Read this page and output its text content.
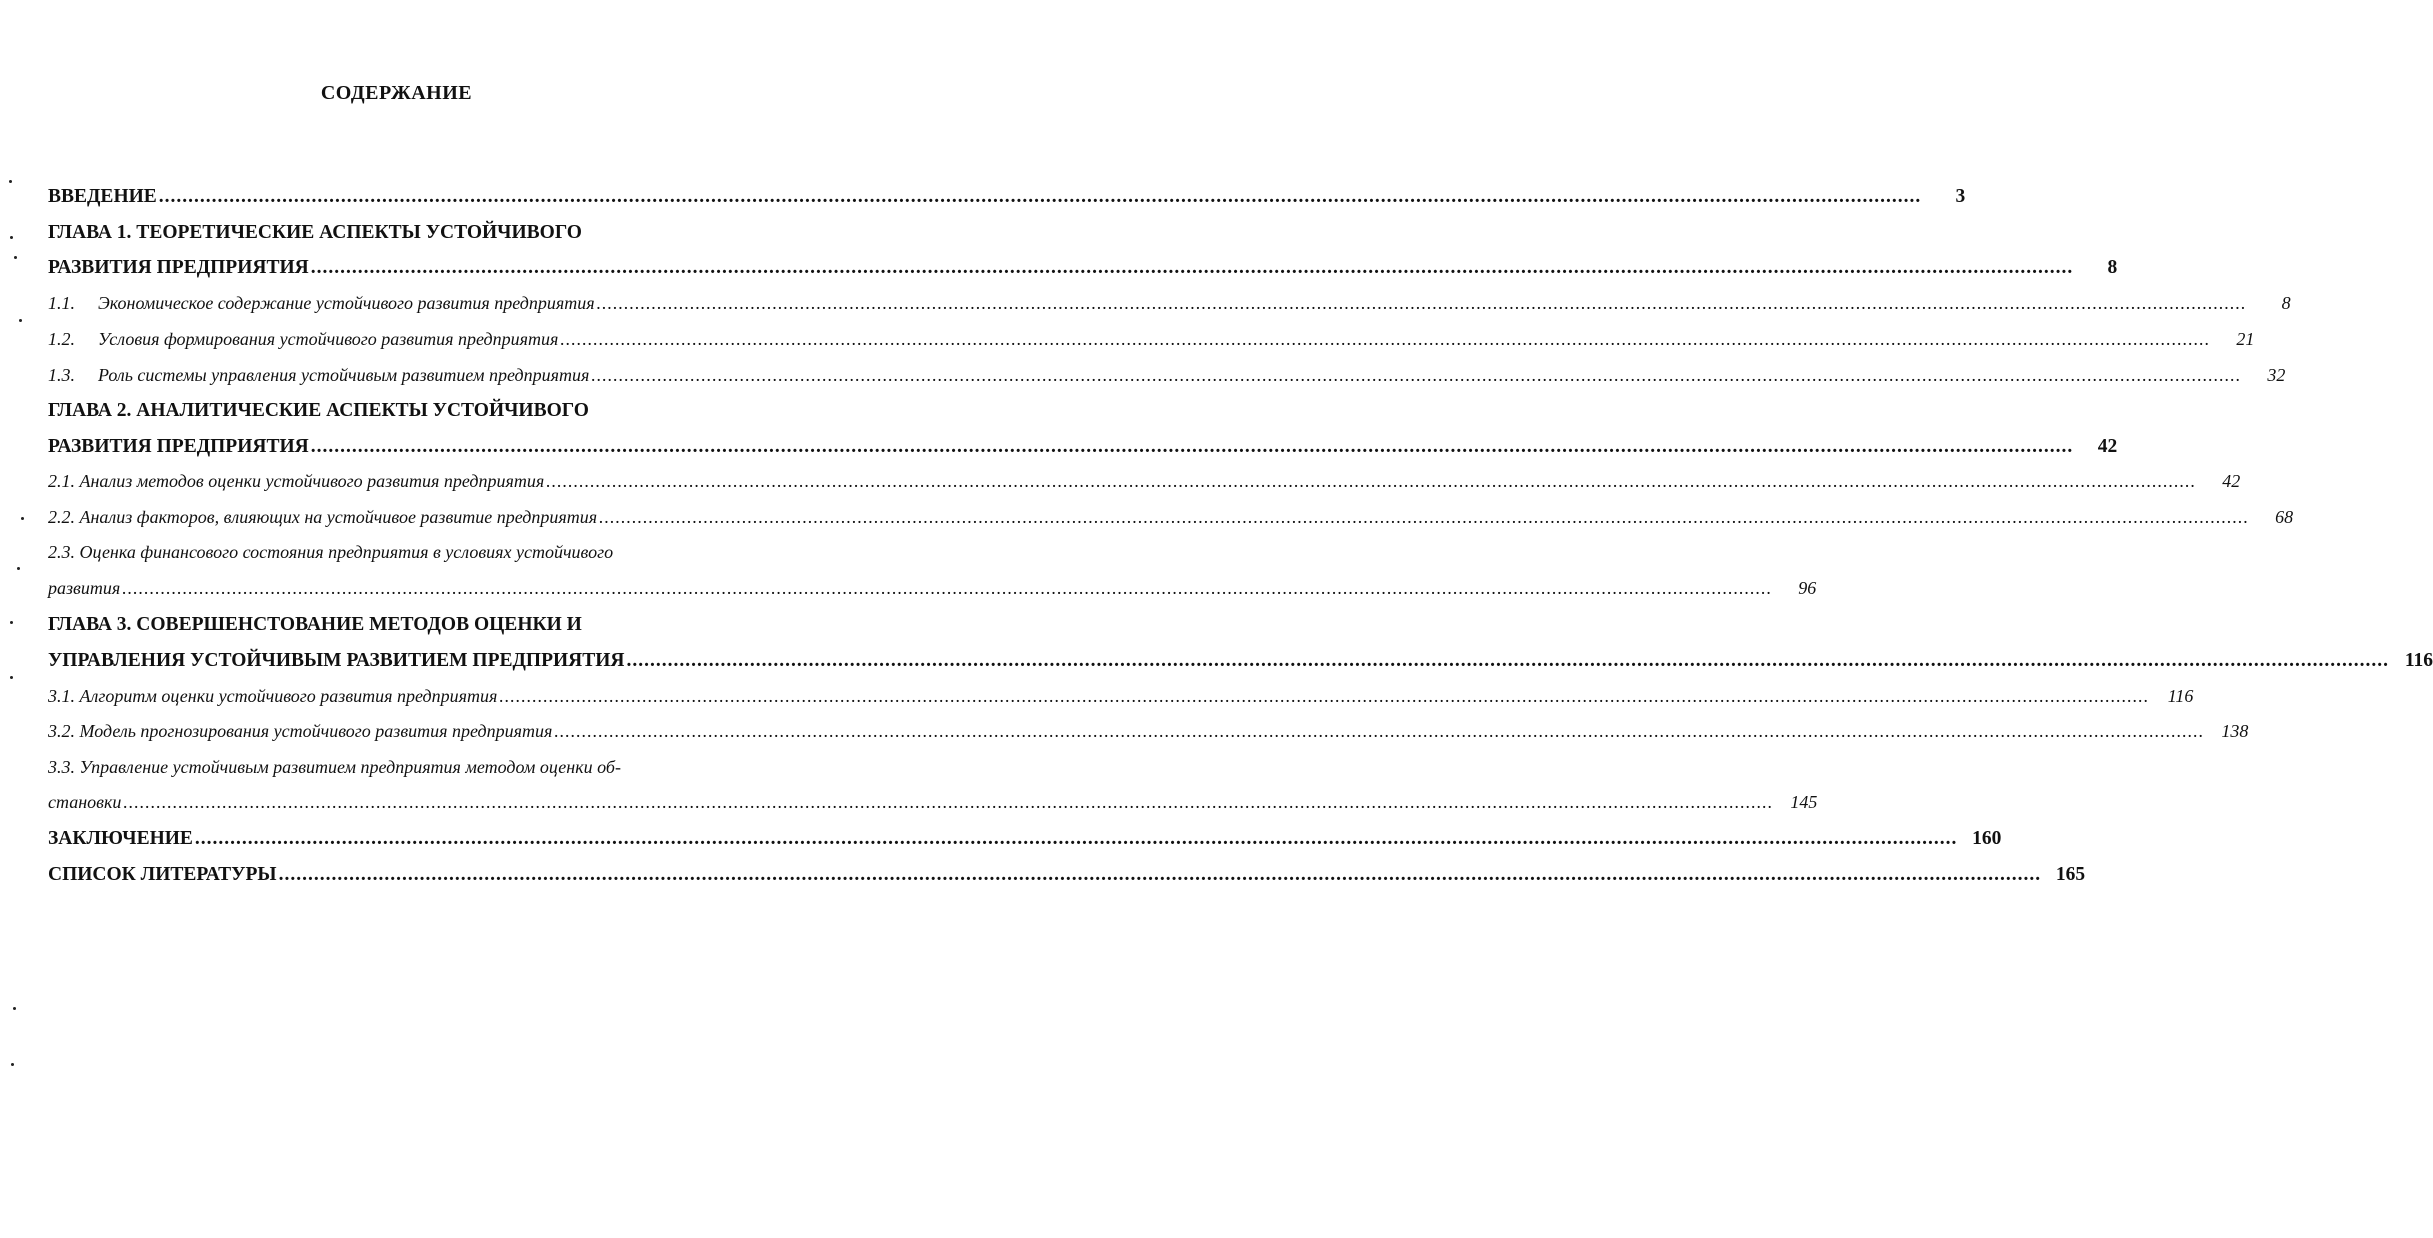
СОДЕРЖАНИЕ
ВВЕДЕНИЕ ............................................................................................................................................................................................................................................................................................................	3
ГЛАВА 1. ТЕОРЕТИЧЕСКИЕ АСПЕКТЫ УСТОЙЧИВОГО
РАЗВИТИЯ ПРЕДПРИЯТИЯ ............................................................................................................................................................................................................................................................................................................	8
1.1. Экономическое содержание устойчивого развития предприятия ............................................................................................................................................................................................................................................................................................................	8
1.2. Условия формирования устойчивого развития предприятия ............................................................................................................................................................................................................................................................................................................	21
1.3. Роль системы управления устойчивым развитием предприятия ............................................................................................................................................................................................................................................................................................................	32
ГЛАВА 2. АНАЛИТИЧЕСКИЕ АСПЕКТЫ УСТОЙЧИВОГО
РАЗВИТИЯ ПРЕДПРИЯТИЯ ............................................................................................................................................................................................................................................................................................................	42
2.1. Анализ методов оценки устойчивого развития предприятия ............................................................................................................................................................................................................................................................................................................	42
2.2. Анализ факторов, влияющих на устойчивое развитие предприятия ............................................................................................................................................................................................................................................................................................................	68
2.3. Оценка финансового состояния предприятия в условиях устойчивого
развития ............................................................................................................................................................................................................................................................................................................	96
ГЛАВА 3. СОВЕРШЕНСТОВАНИЕ МЕТОДОВ ОЦЕНКИ И
УПРАВЛЕНИЯ УСТОЙЧИВЫМ РАЗВИТИЕМ ПРЕДПРИЯТИЯ ............................................................................................................................................................................................................................................................................................................ 116
3.1. Алгоритм оценки устойчивого развития предприятия ............................................................................................................................................................................................................................................................................................................	116
3.2. Модель прогнозирования устойчивого развития предприятия ............................................................................................................................................................................................................................................................................................................ 138
3.3. Управление устойчивым развитием предприятия методом оценки об-
становки ............................................................................................................................................................................................................................................................................................................ 145
ЗАКЛЮЧЕНИЕ ............................................................................................................................................................................................................................................................................................................ 160
СПИСОК ЛИТЕРАТУРЫ ............................................................................................................................................................................................................................................................................................................ 165
